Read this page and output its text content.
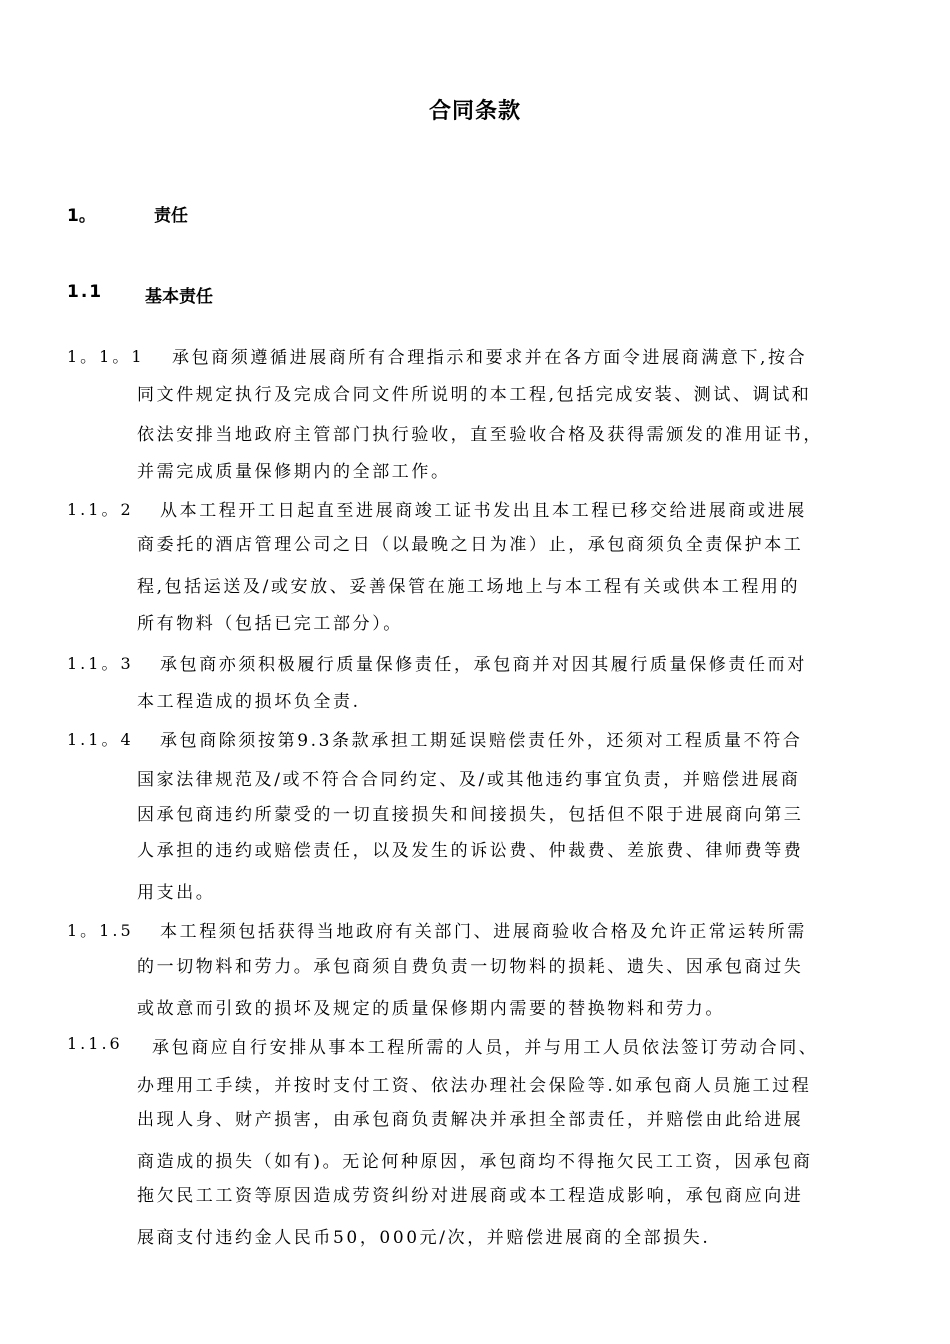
合同条款
1。	责任
1.1 基本责任
1。1。1 承包商须遵循进展商所有合理指示和要求并在各方面令进展商满意下,按合
同文件规定执行及完成合同文件所说明的本工程,包括完成安装、测试、调试和
依法安排当地政府主管部门执行验收，直至验收合格及获得需颁发的准用证书，
并需完成质量保修期内的全部工作。
1.1。2 从本工程开工日起直至进展商竣工证书发出且本工程已移交给进展商或进展
商委托的酒店管理公司之日（以最晚之日为准）止，承包商须负全责保护本工
程,包括运送及/或安放、妥善保管在施工场地上与本工程有关或供本工程用的
所有物料（包括已完工部分）。
1.1。3 承包商亦须积极履行质量保修责任，承包商并对因其履行质量保修责任而对
本工程造成的损坏负全责.
1.1。4 承包商除须按第9.3条款承担工期延误赔偿责任外，还须对工程质量不符合
国家法律规范及/或不符合合同约定、及/或其他违约事宜负责，并赔偿进展商
因承包商违约所蒙受的一切直接损失和间接损失，包括但不限于进展商向第三
人承担的违约或赔偿责任，以及发生的诉讼费、仲裁费、差旅费、律师费等费
用支出。
1。1.5 本工程须包括获得当地政府有关部门、进展商验收合格及允许正常运转所需
的一切物料和劳力。承包商须自费负责一切物料的损耗、遗失、因承包商过失
或故意而引致的损坏及规定的质量保修期内需要的替换物料和劳力。
1.1.6 承包商应自行安排从事本工程所需的人员，并与用工人员依法签订劳动合同、
办理用工手续，并按时支付工资、依法办理社会保险等.如承包商人员施工过程
出现人身、财产损害，由承包商负责解决并承担全部责任，并赔偿由此给进展
商造成的损失（如有)。无论何种原因，承包商均不得拖欠民工工资，因承包商
拖欠民工工资等原因造成劳资纠纷对进展商或本工程造成影响，承包商应向进
展商支付违约金人民币50，000元/次，并赔偿进展商的全部损失.
